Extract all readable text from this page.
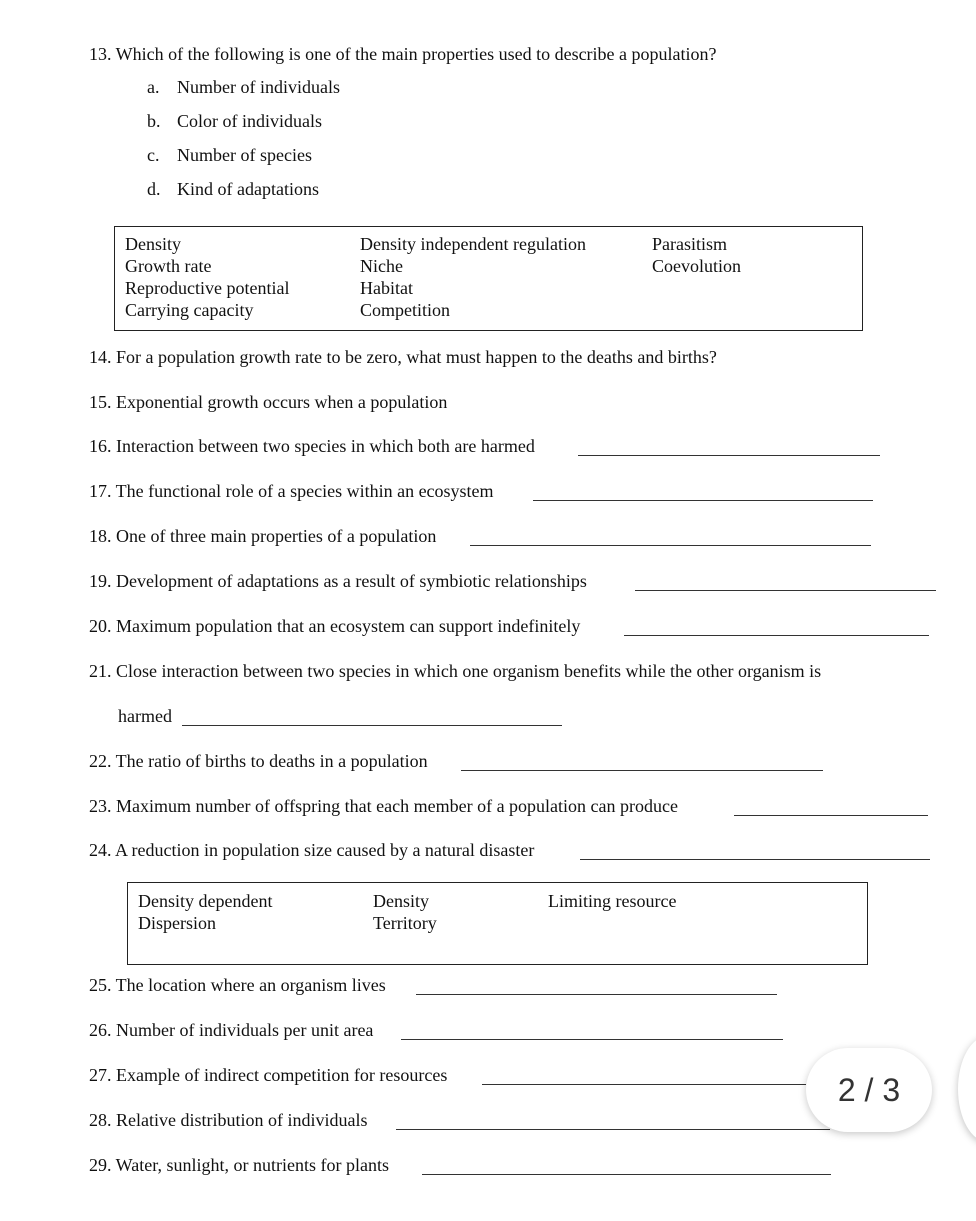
13. Which of the following is one of the main properties used to describe a population?
a. Number of individuals
b. Color of individuals
c. Number of species
d. Kind of adaptations
Density
Growth rate
Reproductive potential
Carrying capacity
Density independent regulation
Niche
Habitat
Competition
Parasitism
Coevolution
14. For a population growth rate to be zero, what must happen to the deaths and births?
15. Exponential growth occurs when a population
16. Interaction between two species in which both are harmed
17. The functional role of a species within an ecosystem
18. One of three main properties of a population
19. Development of adaptations as a result of symbiotic relationships
20. Maximum population that an ecosystem can support indefinitely
21. Close interaction between two species in which one organism benefits while the other organism is
harmed
22. The ratio of births to deaths in a population
23. Maximum number of offspring that each member of a population can produce
24. A reduction in population size caused by a natural disaster
Density dependent
Dispersion
Density
Territory
Limiting resource
25. The location where an organism lives
26. Number of individuals per unit area
27. Example of indirect competition for resources
28. Relative distribution of individuals
29. Water, sunlight, or nutrients for plants
2 / 3
